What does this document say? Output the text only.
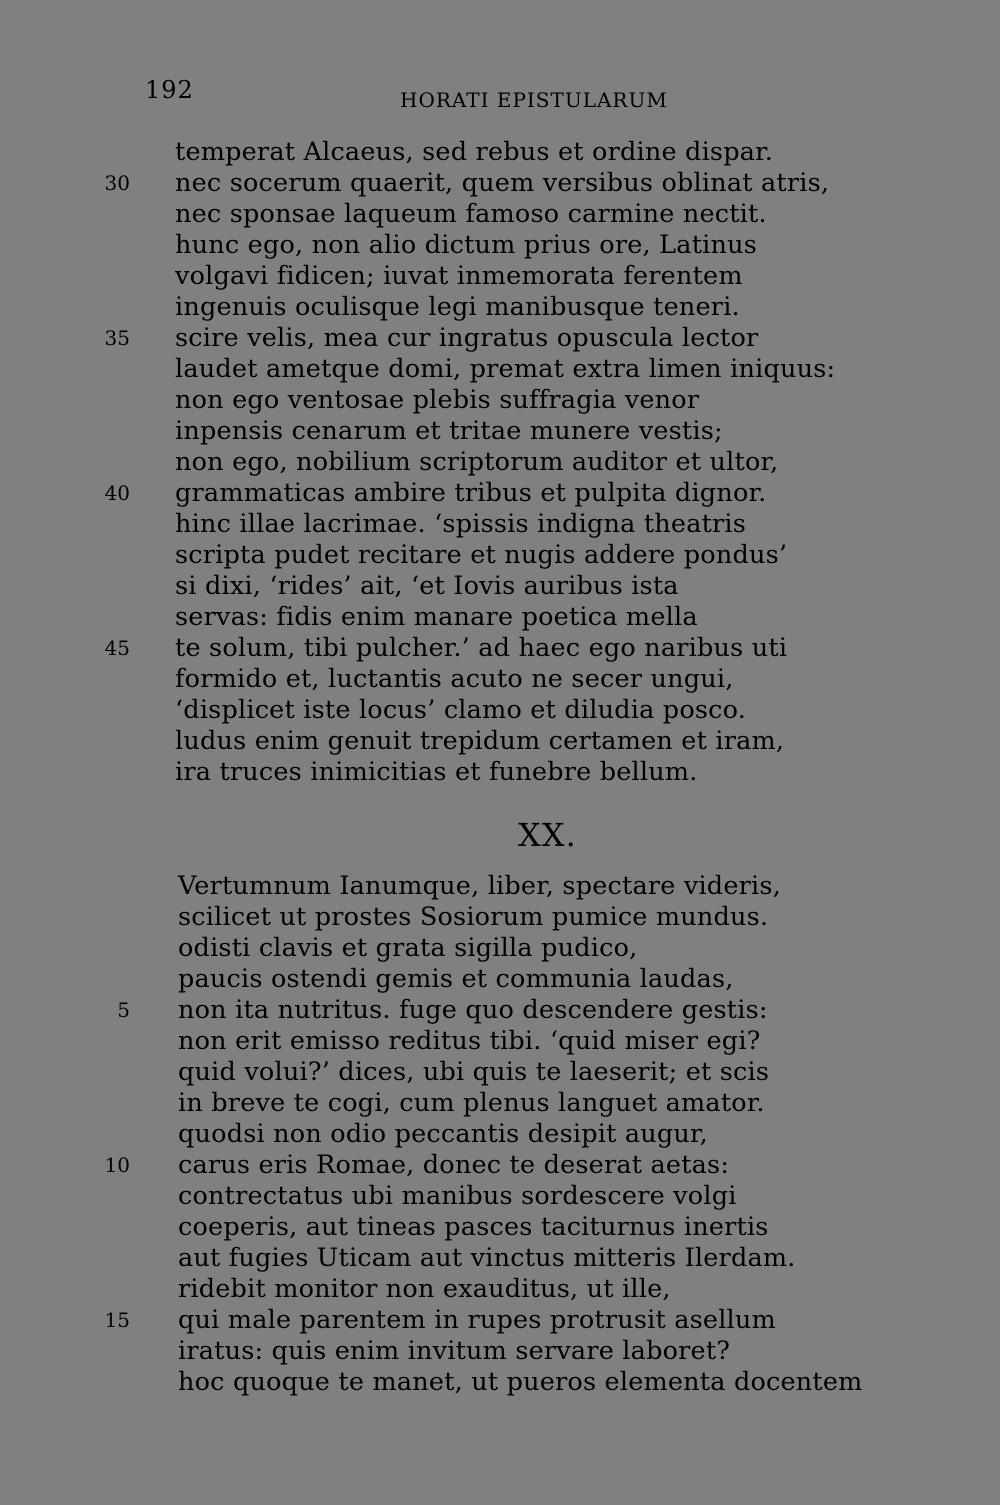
192	HORATI EPISTULARUM
temperat Alcaeus, sed rebus et ordine dispar.
30 nec socerum quaerit, quem versibus oblinat atris,
nec sponsae laqueum famoso carmine nectit.
hunc ego, non alio dictum prius ore, Latinus
volgavi fidicen; iuvat inmemorata ferentem
ingenuis oculisque legi manibusque teneri.
35 scire velis, mea cur ingratus opuscula lector
laudet ametque domi, premat extra limen iniquus:
non ego ventosae plebis suffragia venor
inpensis cenarum et tritae munere vestis;
non ego, nobilium scriptorum auditor et ultor,
40 grammaticas ambire tribus et pulpita dignor.
hinc illae lacrimae. ‘spissis indigna theatris
scripta pudet recitare et nugis addere pondus’
si dixi, ‘rides’ ait, ‘et Iovis auribus ista
servas: fidis enim manare poetica mella
45 te solum, tibi pulcher.’ ad haec ego naribus uti
formido et, luctantis acuto ne secer ungui,
‘displicet iste locus’ clamo et diludia posco.
ludus enim genuit trepidum certamen et iram,
ira truces inimicitias et funebre bellum.
XX.
Vertumnum Ianumque, liber, spectare videris,
scilicet ut prostes Sosiorum pumice mundus.
odisti clavis et grata sigilla pudico,
paucis ostendi gemis et communia laudas,
5 non ita nutritus. fuge quo descendere gestis:
non erit emisso reditus tibi. ‘quid miser egi?
quid volui?’ dices, ubi quis te laeserit; et scis
in breve te cogi, cum plenus languet amator.
quodsi non odio peccantis desipit augur,
10 carus eris Romae, donec te deserat aetas:
contrectatus ubi manibus sordescere volgi
coeperis, aut tineas pasces taciturnus inertis
aut fugies Uticam aut vinctus mitteris Ilerdam.
ridebit monitor non exauditus, ut ille,
15 qui male parentem in rupes protrusit asellum
iratus: quis enim invitum servare laboret?
hoc quoque te manet, ut pueros elementa docentem
